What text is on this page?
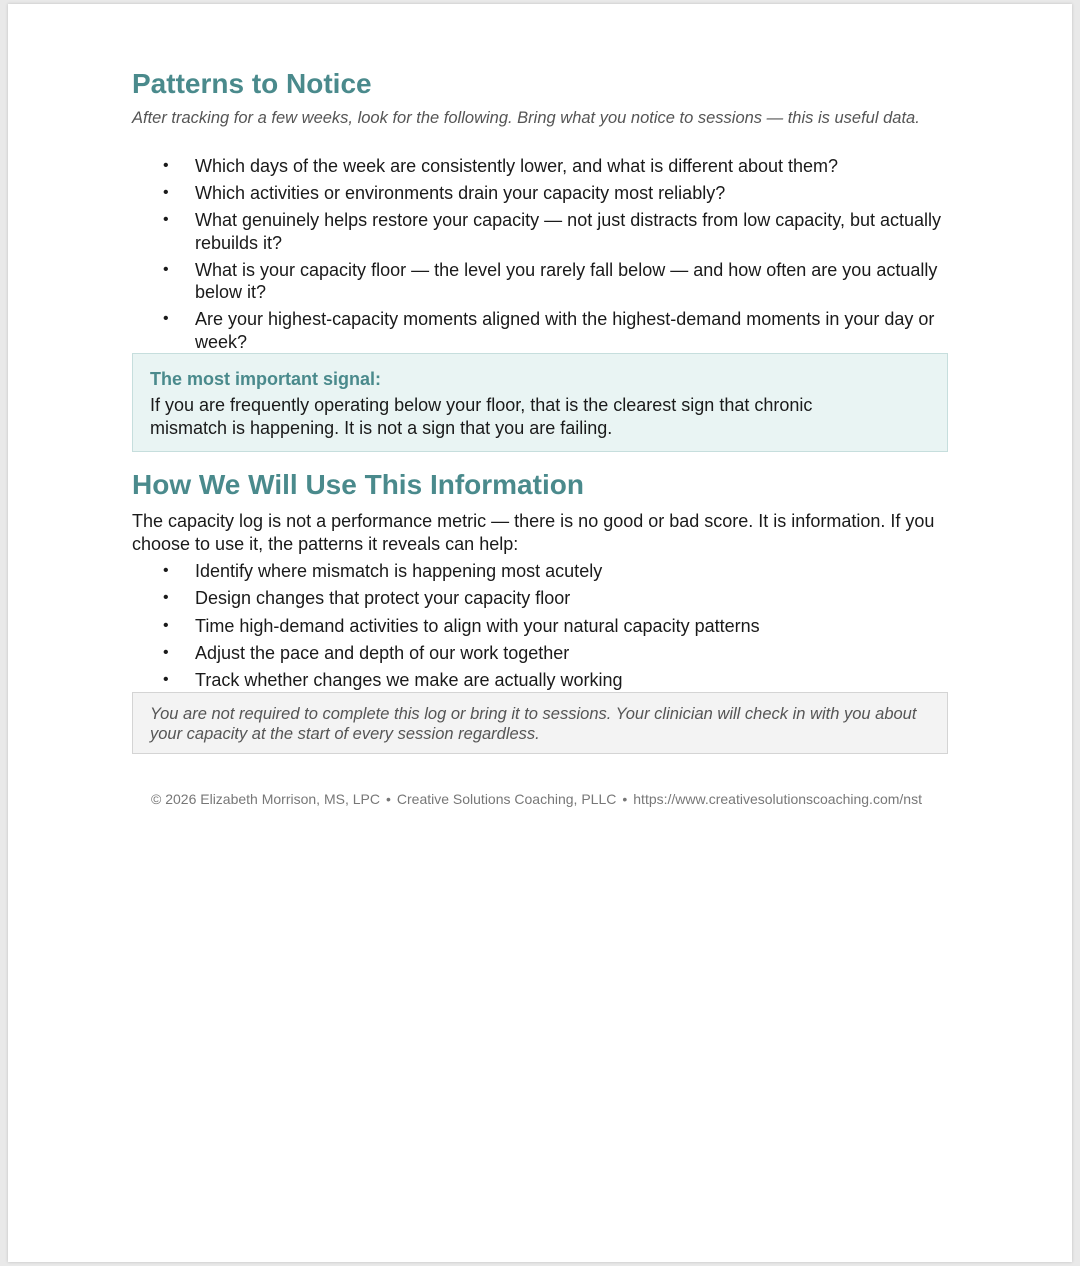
Patterns to Notice
After tracking for a few weeks, look for the following. Bring what you notice to sessions — this is useful data.
• Which days of the week are consistently lower, and what is different about them?
• Which activities or environments drain your capacity most reliably?
• What genuinely helps restore your capacity — not just distracts from low capacity, but actually rebuilds it?
• What is your capacity floor — the level you rarely fall below — and how often are you actually below it?
• Are your highest-capacity moments aligned with the highest-demand moments in your day or week?
The most important signal:
If you are frequently operating below your floor, that is the clearest sign that chronic mismatch is happening. It is not a sign that you are failing.
How We Will Use This Information
The capacity log is not a performance metric — there is no good or bad score. It is information. If you choose to use it, the patterns it reveals can help:
• Identify where mismatch is happening most acutely
• Design changes that protect your capacity floor
• Time high-demand activities to align with your natural capacity patterns
• Adjust the pace and depth of our work together
• Track whether changes we make are actually working
You are not required to complete this log or bring it to sessions. Your clinician will check in with you about your capacity at the start of every session regardless.
© 2026 Elizabeth Morrison, MS, LPC • Creative Solutions Coaching, PLLC • https://www.creativesolutionscoaching.com/nst
